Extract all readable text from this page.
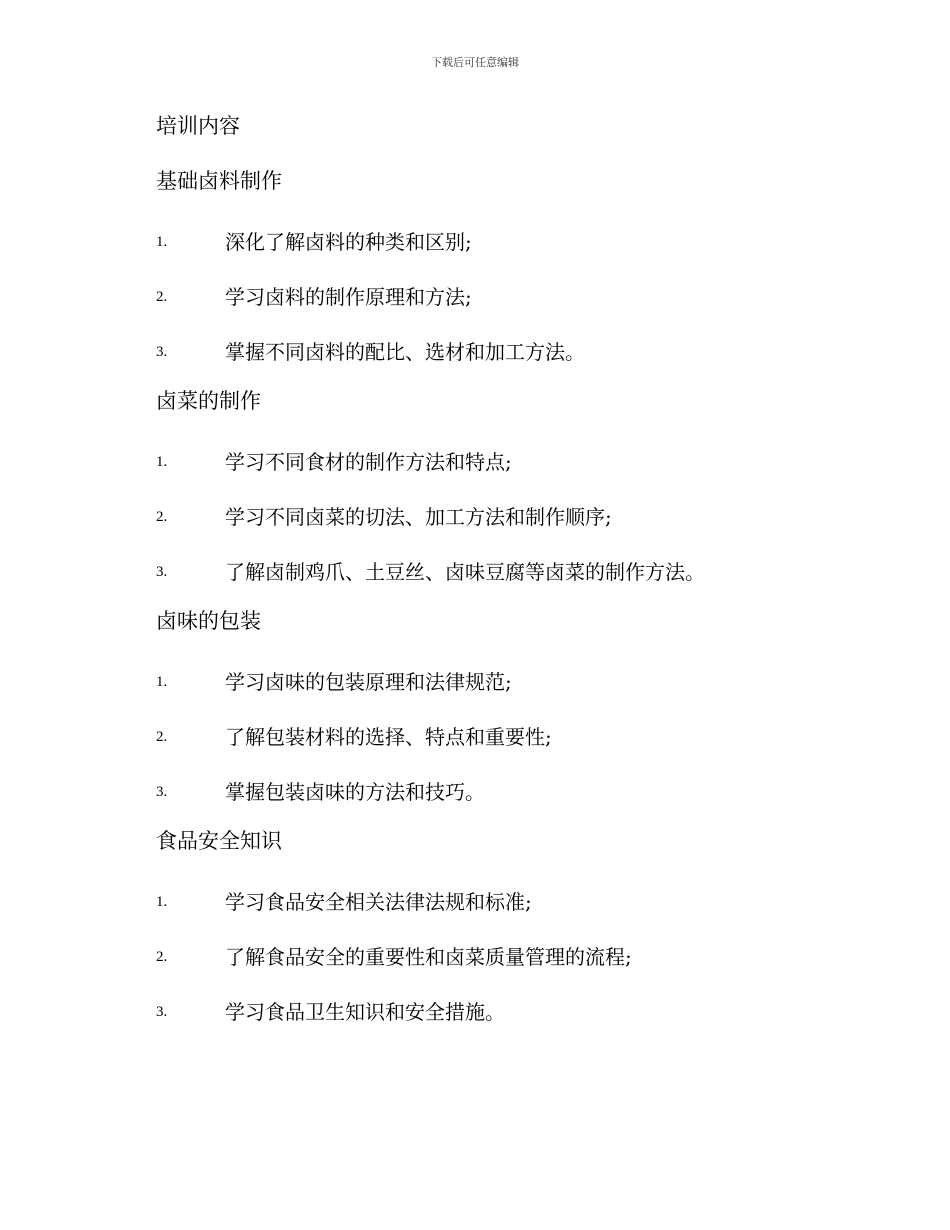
下载后可任意编辑
培训内容
基础卤料制作
1.	深化了解卤料的种类和区别;
2.	学习卤料的制作原理和方法;
3.	掌握不同卤料的配比、选材和加工方法。
卤菜的制作
1.	学习不同食材的制作方法和特点;
2.	学习不同卤菜的切法、加工方法和制作顺序;
3.	了解卤制鸡爪、土豆丝、卤味豆腐等卤菜的制作方法。
卤味的包装
1.	学习卤味的包装原理和法律规范;
2.	了解包装材料的选择、特点和重要性;
3.	掌握包装卤味的方法和技巧。
食品安全知识
1.	学习食品安全相关法律法规和标准;
2.	了解食品安全的重要性和卤菜质量管理的流程;
3.	学习食品卫生知识和安全措施。
